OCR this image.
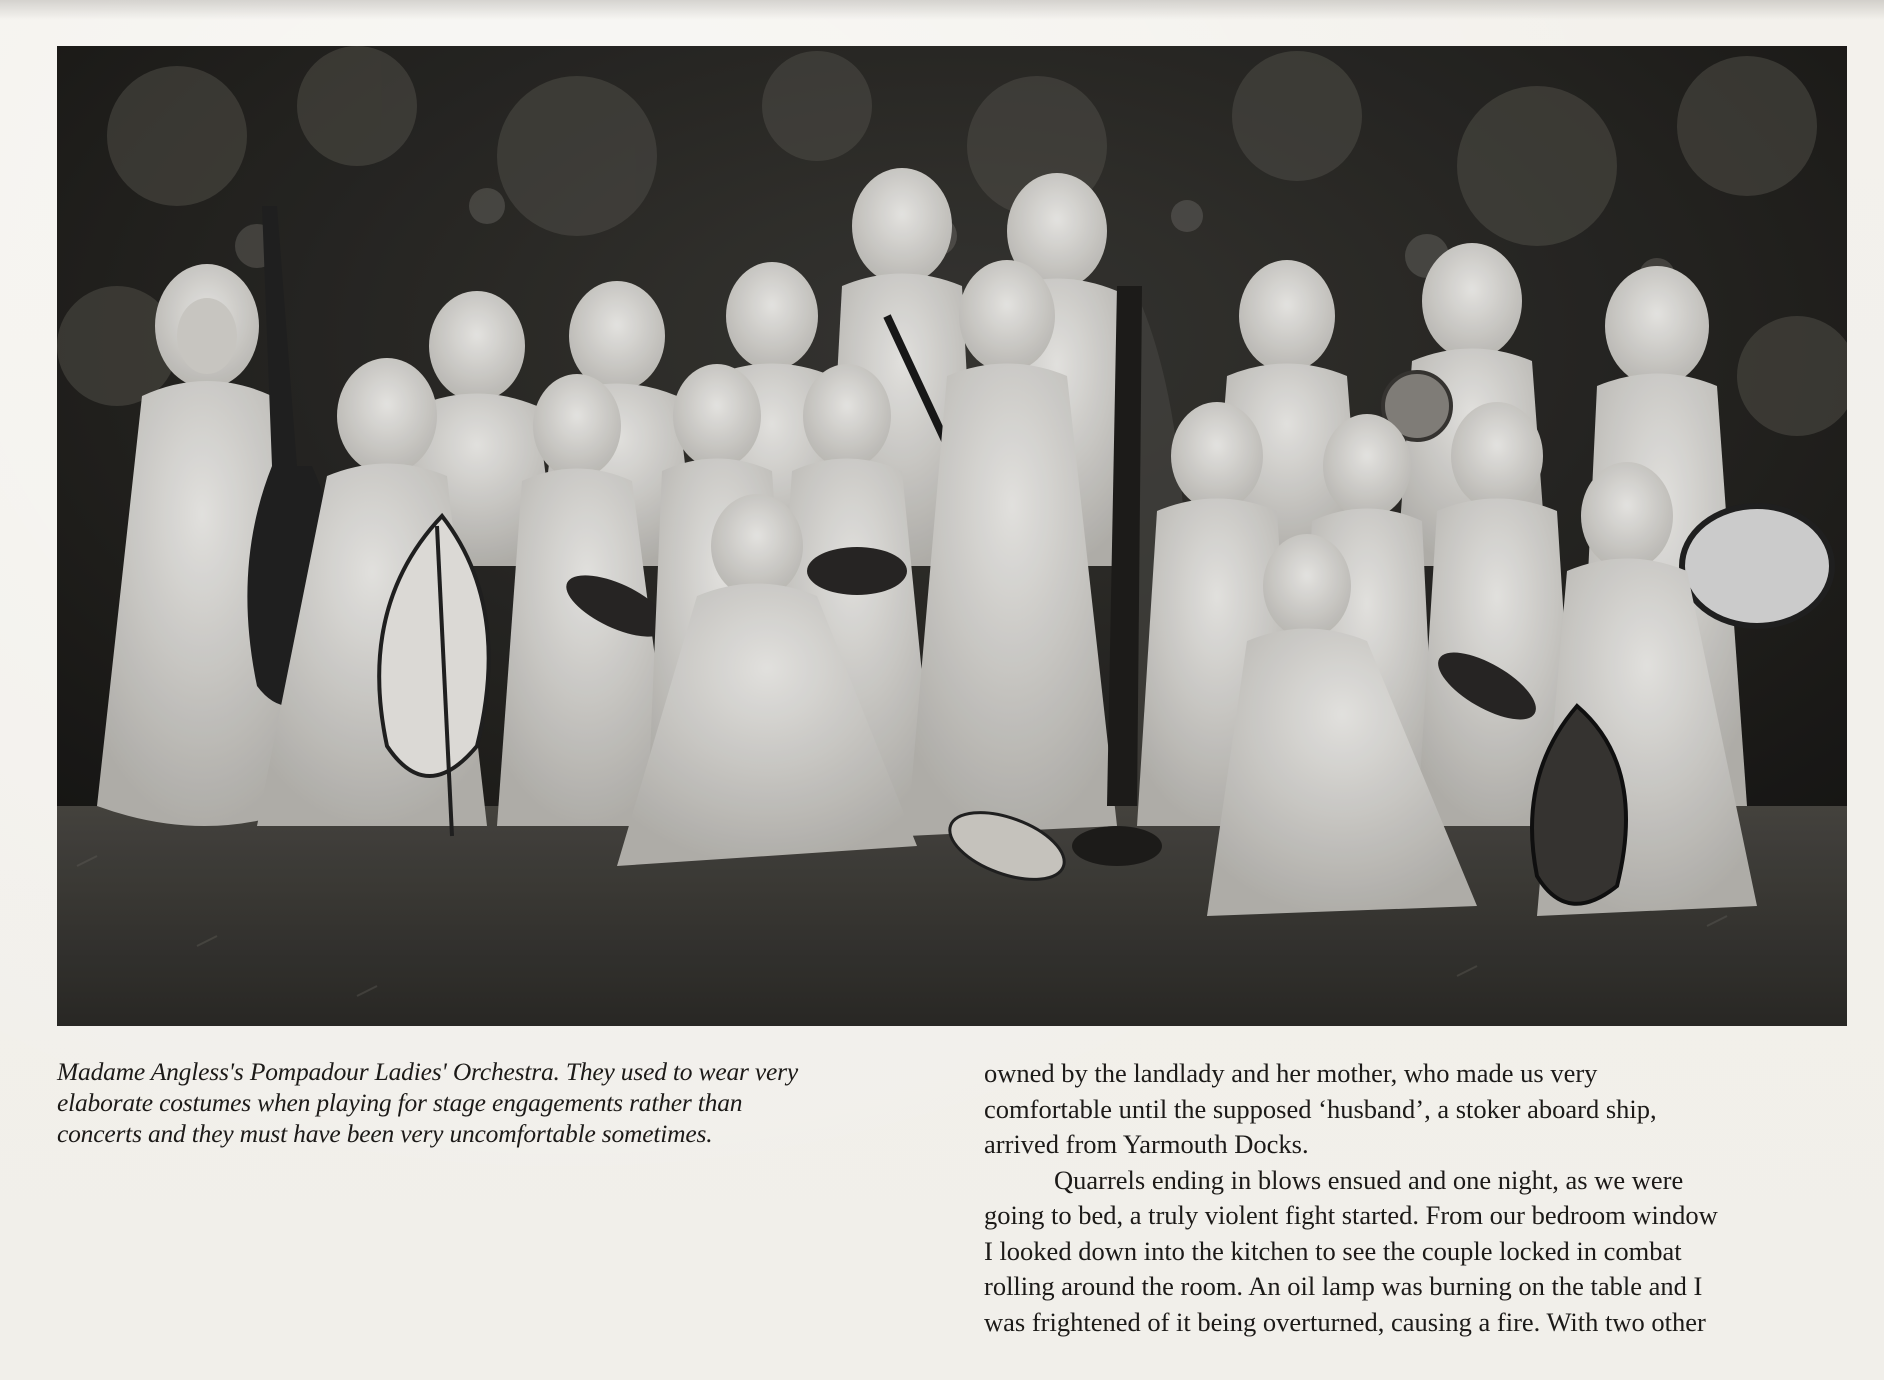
Madame Angless's Pompadour Ladies' Orchestra. They used to wear very
elaborate costumes when playing for stage engagements rather than
concerts and they must have been very uncomfortable sometimes.
owned by the landlady and her mother, who made us very
comfortable until the supposed ‘husband’, a stoker aboard ship,
arrived from Yarmouth Docks.
Quarrels ending in blows ensued and one night, as we were
going to bed, a truly violent fight started. From our bedroom window
I looked down into the kitchen to see the couple locked in combat
rolling around the room. An oil lamp was burning on the table and I
was frightened of it being overturned, causing a fire. With two other
